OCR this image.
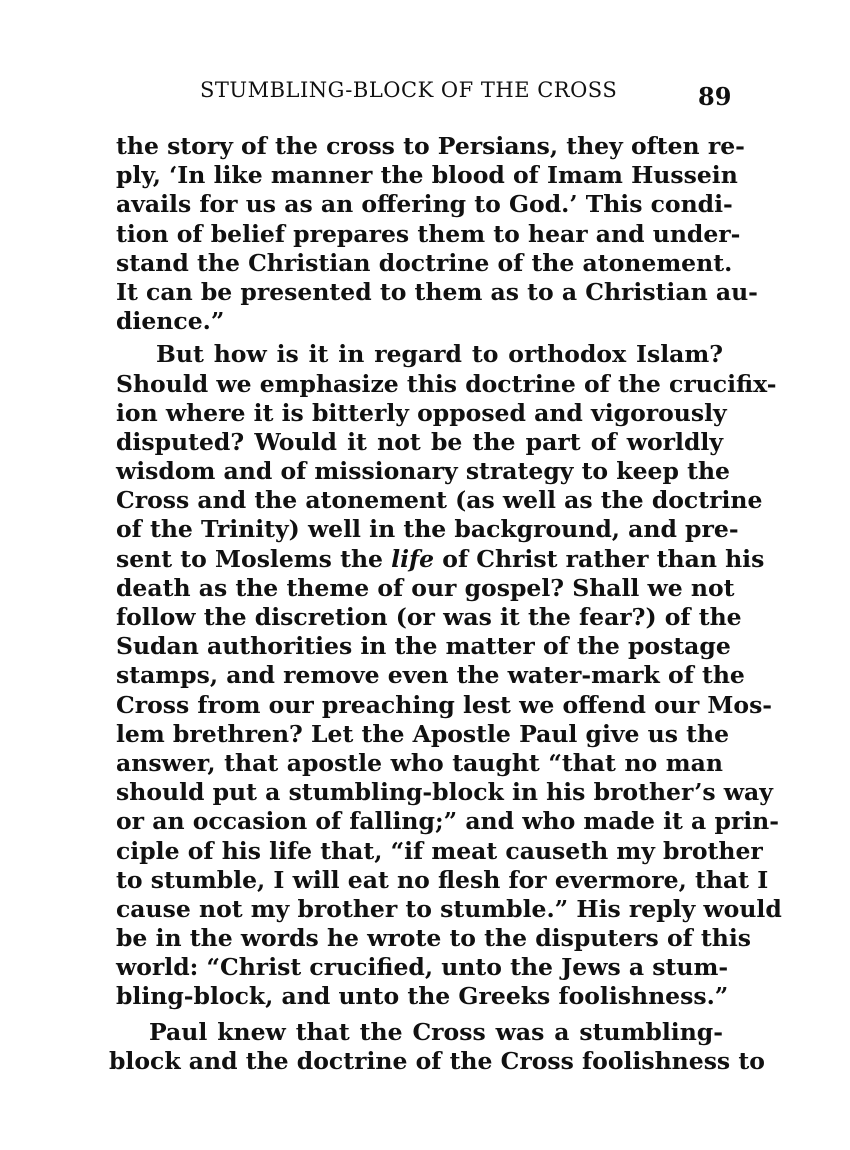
STUMBLING-BLOCK OF THE CROSS	89
the story of the cross to Persians, they often re-
ply, ‘In like manner the blood of Imam Hussein
avails for us as an offering to God.’ This condi-
tion of belief prepares them to hear and under-
stand the Christian doctrine of the atonement.
It can be presented to them as to a Christian au-
dience.”
But how is it in regard to orthodox Islam?
Should we emphasize this doctrine of the crucifix-
ion where it is bitterly opposed and vigorously
disputed? Would it not be the part of worldly
wisdom and of missionary strategy to keep the
Cross and the atonement (as well as the doctrine
of the Trinity) well in the background, and pre-
sent to Moslems the life of Christ rather than his
death as the theme of our gospel? Shall we not
follow the discretion (or was it the fear?) of the
Sudan authorities in the matter of the postage
stamps, and remove even the water-mark of the
Cross from our preaching lest we offend our Mos-
lem brethren? Let the Apostle Paul give us the
answer, that apostle who taught “that no man
should put a stumbling-block in his brother’s way
or an occasion of falling;” and who made it a prin-
ciple of his life that, “if meat causeth my brother
to stumble, I will eat no flesh for evermore, that I
cause not my brother to stumble.” His reply would
be in the words he wrote to the disputers of this
world: “Christ crucified, unto the Jews a stum-
bling-block, and unto the Greeks foolishness.”
Paul knew that the Cross was a stumbling-
block and the doctrine of the Cross foolishness to
